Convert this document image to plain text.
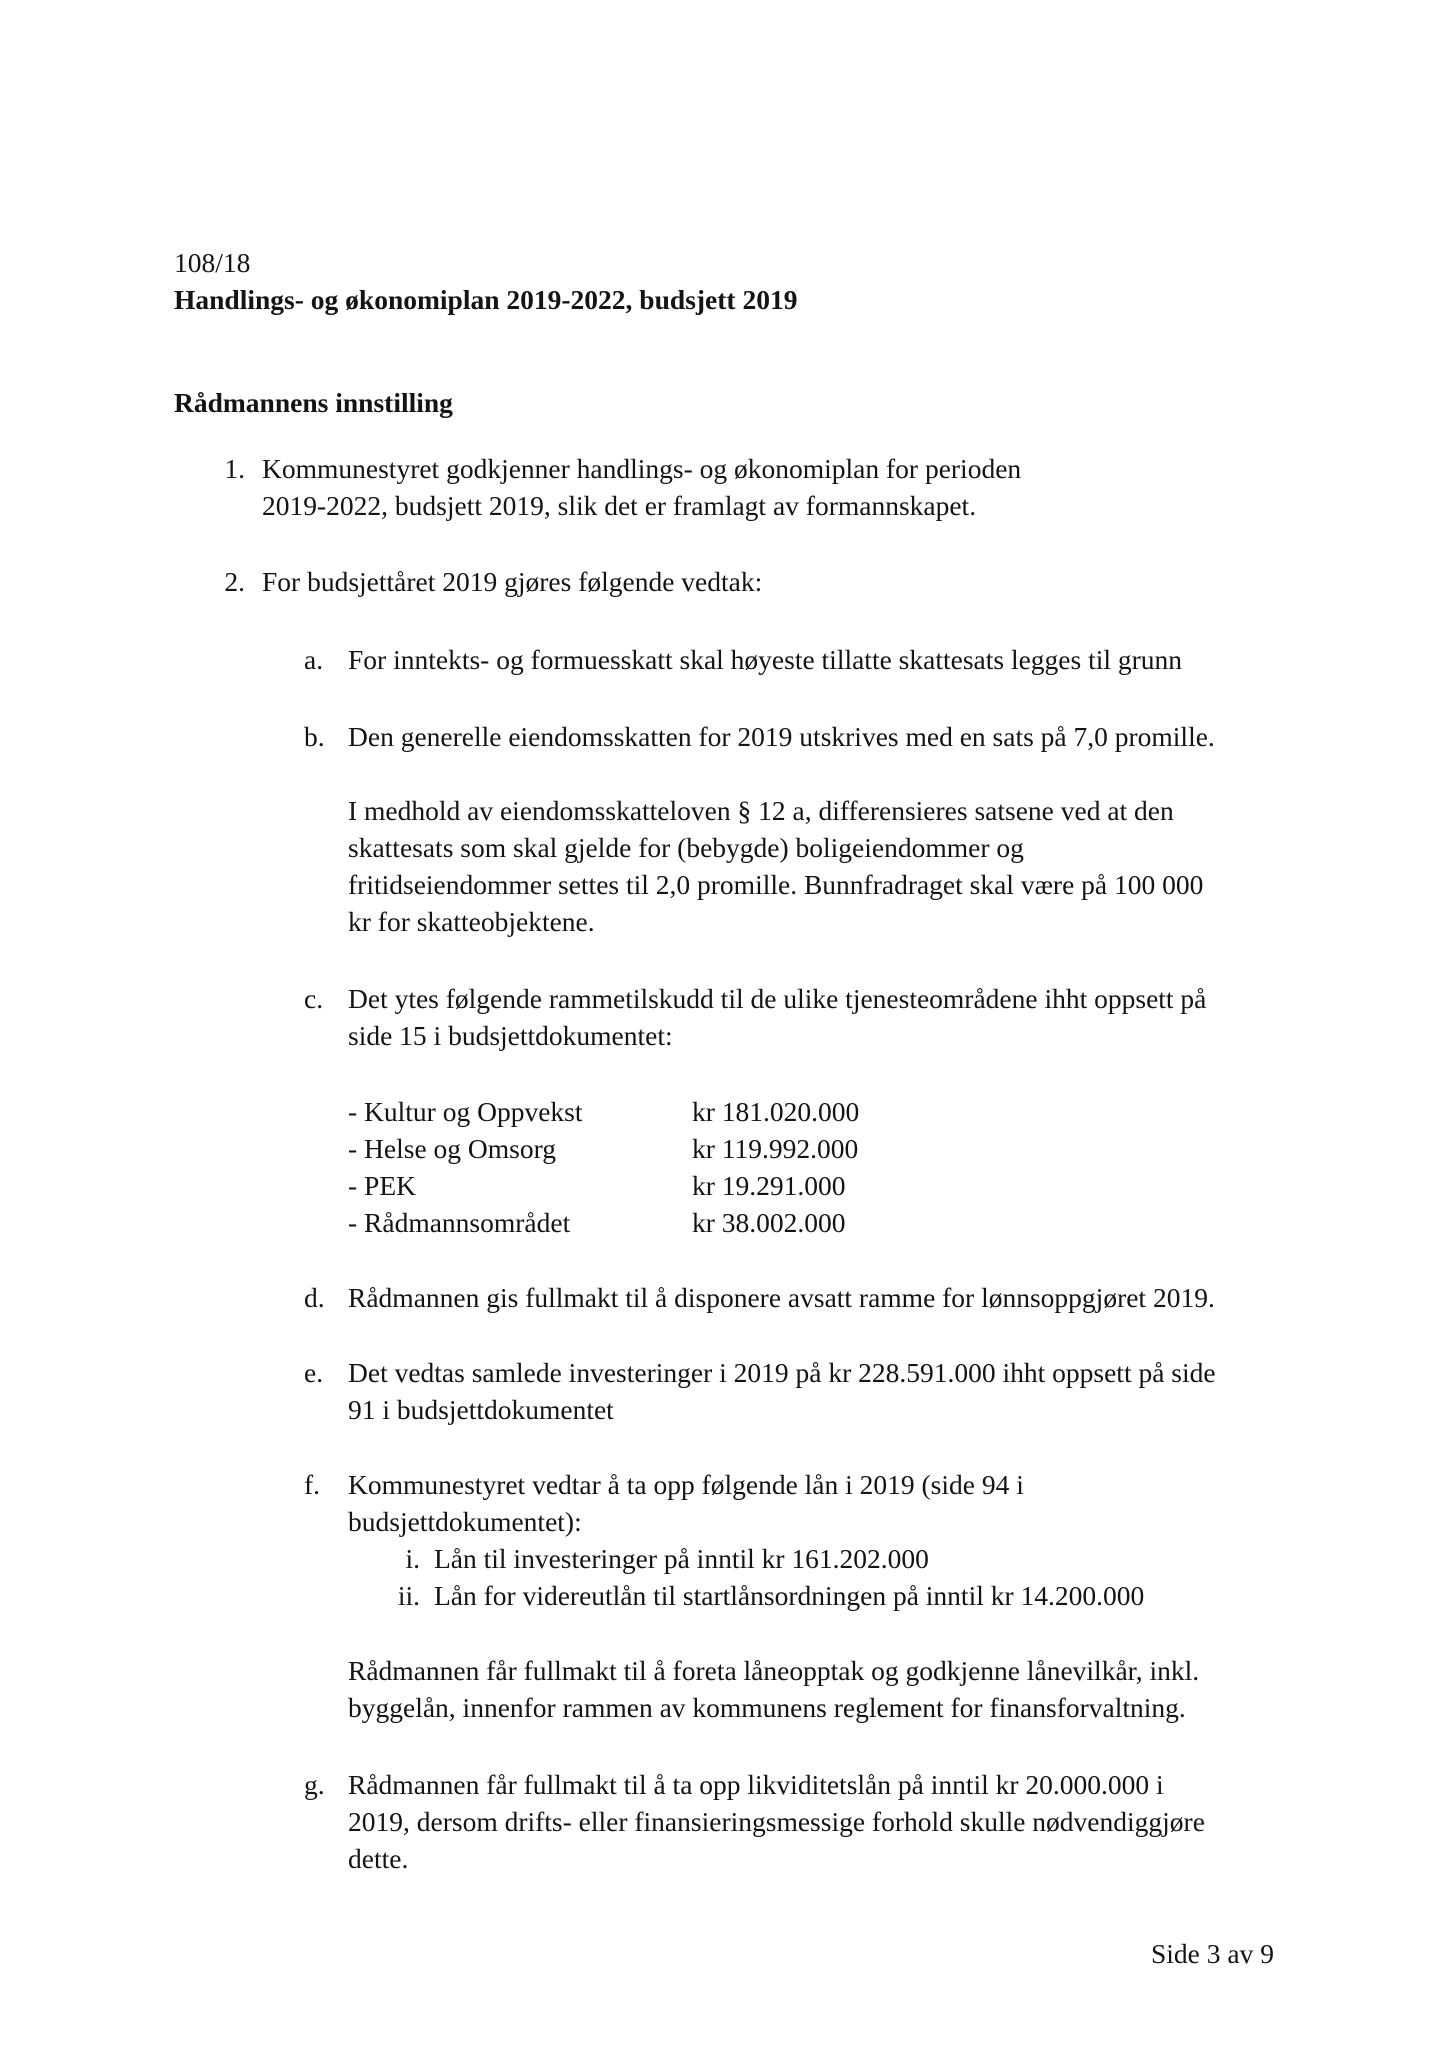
108/18
Handlings- og økonomiplan 2019-2022, budsjett 2019
Rådmannens innstilling
1. Kommunestyret godkjenner handlings- og økonomiplan for perioden

2019-2022, budsjett 2019, slik det er framlagt av formannskapet.

2. For budsjettåret 2019 gjøres følgende vedtak:

a. For inntekts- og formuesskatt skal høyeste tillatte skattesats legges til grunn

b. Den generelle eiendomsskatten for 2019 utskrives med en sats på 7,0 promille.

I medhold av eiendomsskatteloven § 12 a, differensieres satsene ved at den

skattesats som skal gjelde for (bebygde) boligeiendommer og

fritidseiendommer settes til 2,0 promille. Bunnfradraget skal være på 100 000

kr for skatteobjektene.

c. Det ytes følgende rammetilskudd til de ulike tjenesteområdene ihht oppsett på

side 15 i budsjettdokumentet:

- Kultur og Oppvekst	kr 181.020.000
- Helse og Omsorg	kr 119.992.000
- PEK	kr 19.291.000
- Rådmannsområdet	kr 38.002.000
d. Rådmannen gis fullmakt til å disponere avsatt ramme for lønnsoppgjøret 2019.

e. Det vedtas samlede investeringer i 2019 på kr 228.591.000 ihht oppsett på side

91 i budsjettdokumentet

f. Kommunestyret vedtar å ta opp følgende lån i 2019 (side 94 i

budsjettdokumentet):

i. Lån til investeringer på inntil kr 161.202.000
ii. Lån for videreutlån til startlånsordningen på inntil kr 14.200.000

Rådmannen får fullmakt til å foreta låneopptak og godkjenne lånevilkår, inkl.

byggelån, innenfor rammen av kommunens reglement for finansforvaltning.

g. Rådmannen får fullmakt til å ta opp likviditetslån på inntil kr 20.000.000 i

2019, dersom drifts- eller finansieringsmessige forhold skulle nødvendiggjøre

dette.

Side 3 av 9
